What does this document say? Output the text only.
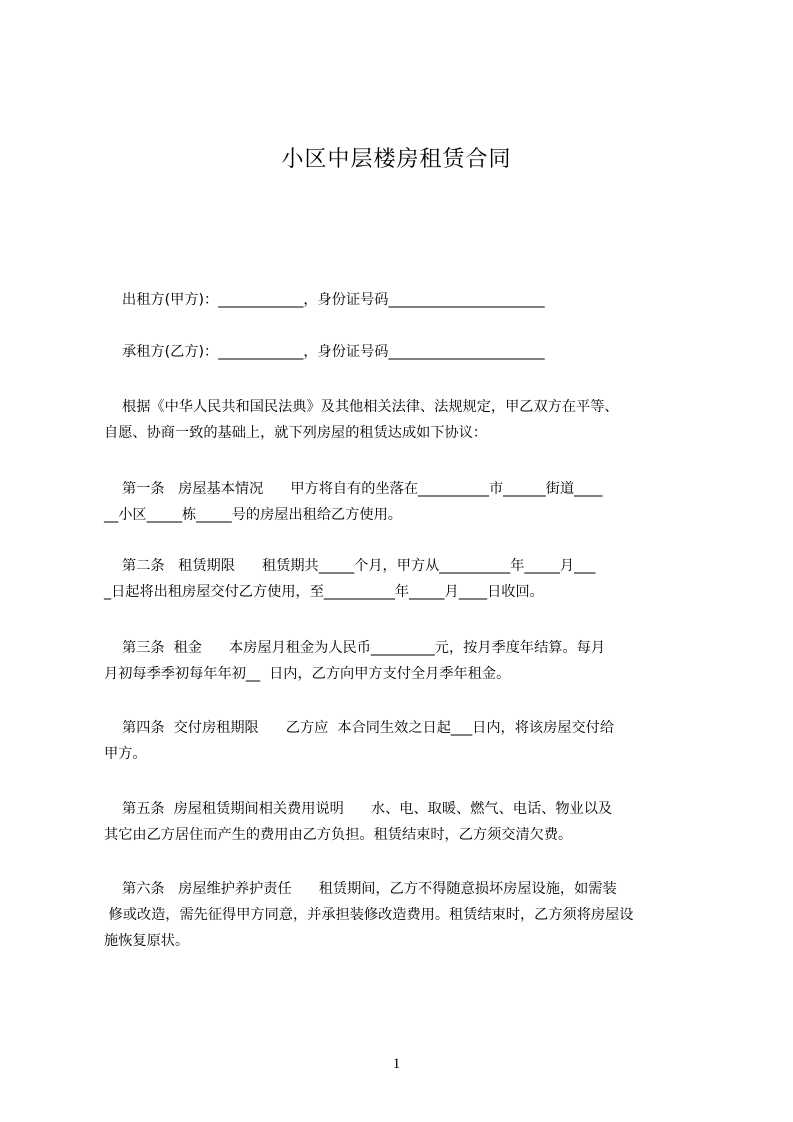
小区中层楼房租赁合同
出租方(甲方)：____________，身份证号码______________________
承租方(乙方)：____________，身份证号码______________________
根据《中华人民共和国民法典》及其他相关法律、法规规定，甲乙双方在平等、
自愿、协商一致的基础上，就下列房屋的租赁达成如下协议：
第一条   房屋基本情况      甲方将自有的坐落在__________市______街道____
__小区_____栋_____号的房屋出租给乙方使用。
第二条   租赁期限      租赁期共_____个月，甲方从__________年_____月___
_日起将出租房屋交付乙方使用，至__________年_____月____日收回。
第三条  租金      本房屋月租金为人民币_________元，按月季度年结算。每月
月初每季季初每年年初__  日内，乙方向甲方支付全月季年租金。
第四条  交付房租期限      乙方应  本合同生效之日起___日内，将该房屋交付给
甲方。
第五条  房屋租赁期间相关费用说明      水、电、取暖、燃气、电话、物业以及
其它由乙方居住而产生的费用由乙方负担。租赁结束时，乙方须交清欠费。
第六条   房屋维护养护责任      租赁期间，乙方不得随意损坏房屋设施，如需装
修或改造，需先征得甲方同意，并承担装修改造费用。租赁结束时，乙方须将房屋设
施恢复原状。
1
